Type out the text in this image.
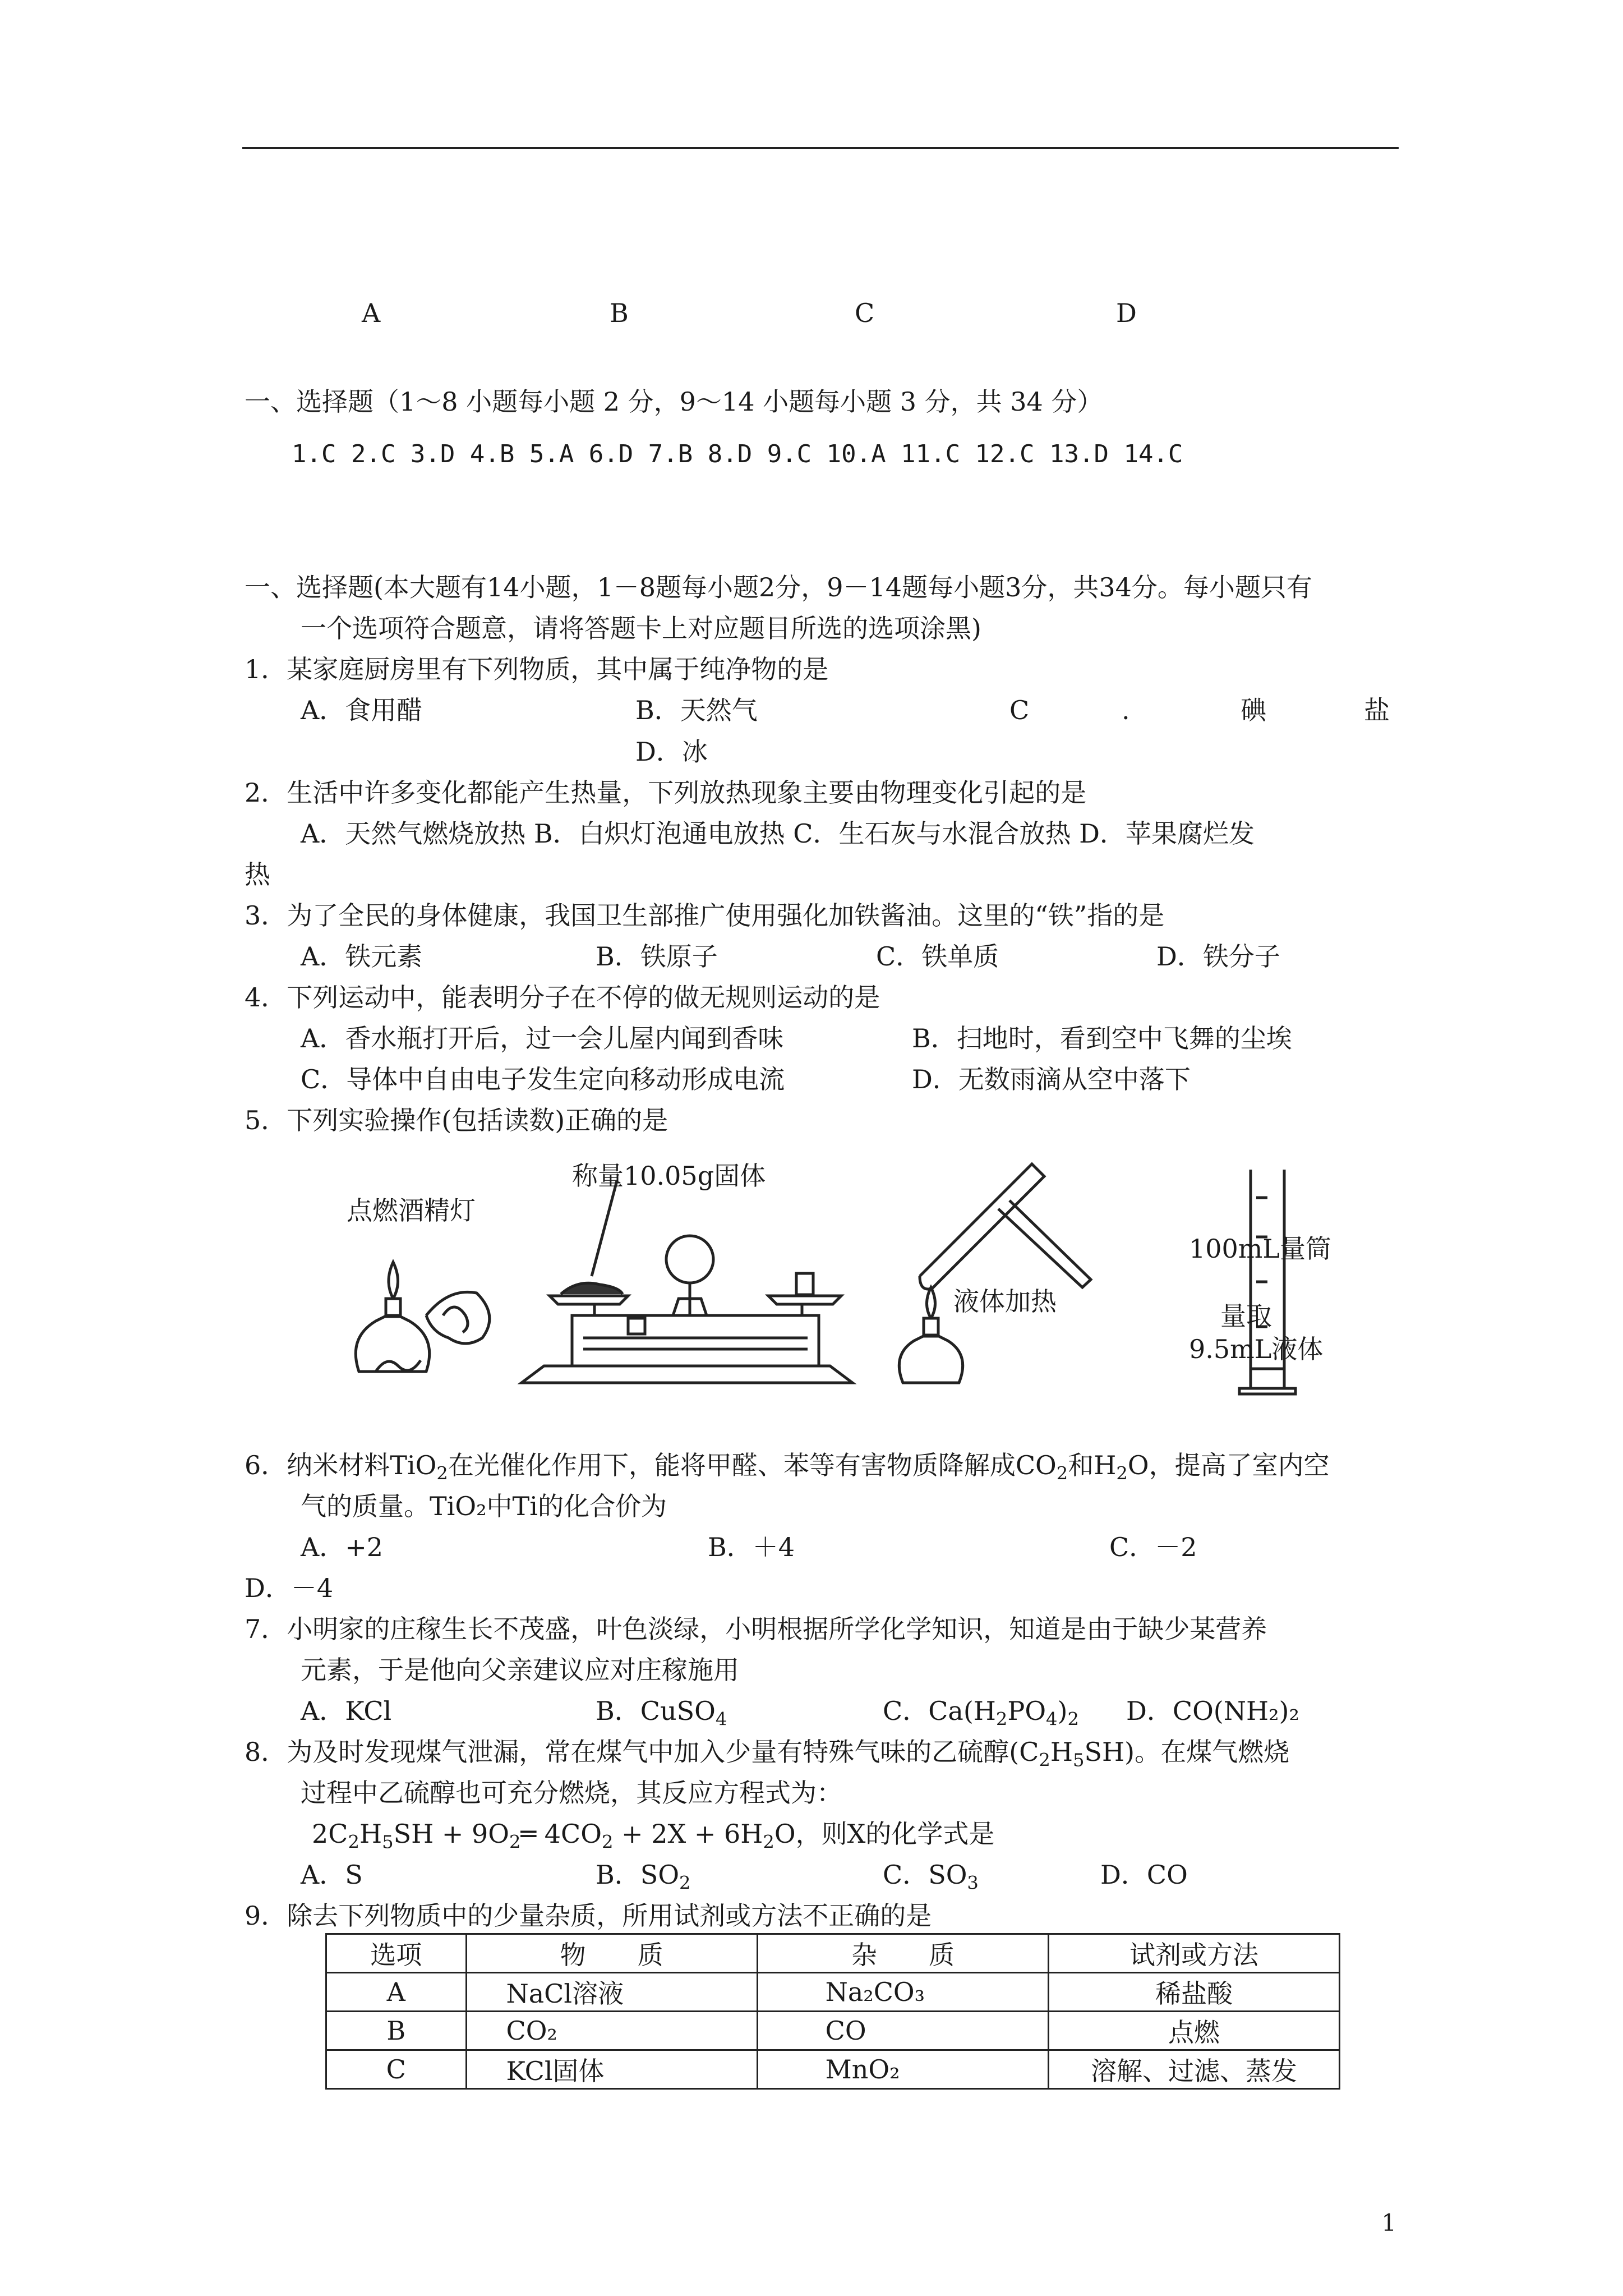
A	B	C	D
一、选择题（1～8 小题每小题 2 分，9～14 小题每小题 3 分，共 34 分）
1.C 2.C 3.D 4.B 5.A 6.D 7.B 8.D 9.C 10.A 11.C 12.C 13.D 14.C
一、选择题(本大题有14小题，1－8题每小题2分，9－14题每小题3分，共34分。每小题只有
一个选项符合题意，请将答题卡上对应题目所选的选项涂黑)
1．某家庭厨房里有下列物质，其中属于纯净物的是
A．食用醋	B．天然气	C	.	碘	盐
D．冰
2．生活中许多变化都能产生热量，下列放热现象主要由物理变化引起的是
A．天然气燃烧放热 B．白炽灯泡通电放热 C．生石灰与水混合放热 D．苹果腐烂发
热
3．为了全民的身体健康，我国卫生部推广使用强化加铁酱油。这里的“铁”指的是
A．铁元素	B．铁原子	C．铁单质	D．铁分子
4．下列运动中，能表明分子在不停的做无规则运动的是
A．香水瓶打开后，过一会儿屋内闻到香味	B．扫地时，看到空中飞舞的尘埃
C．导体中自由电子发生定向移动形成电流	D．无数雨滴从空中落下
5．下列实验操作(包括读数)正确的是
点燃酒精灯
称量10.05g固体
液体加热
100mL量筒
量取
9.5mL液体
6．纳米材料TiO$_2$在光催化作用下，能将甲醛、苯等有害物质降解成$CO_2$和$H_2O$，提高了室内空
气的质量。TiO₂中Ti的化合价为
A．+2	B．＋4	C．－2
D．－4
7．小明家的庄稼生长不茂盛，叶色淡绿，小明根据所学化学知识，知道是由于缺少某营养
元素，于是他向父亲建议应对庄稼施用
A．KCl	B．CuSO$_4$	C．$Ca(H_2PO_4)_2$ D．CO(NH₂)₂
8．为及时发现煤气泄漏，常在煤气中加入少量有特殊气味的乙硫醇$(C_2H_5SH)$。在煤气燃烧
过程中乙硫醇也可充分燃烧，其反应方程式为：
$2C_2H_5SH$ + $9O_2═$ $4CO_2 + 2X + 6H_2O$，则X的化学式是
A．S	B．$SO_2$	C．$SO_3$	D．CO
9．除去下列物质中的少量杂质，所用试剂或方法不正确的是
选项	物　　质	杂　　质	试剂或方法
A	NaCl溶液	Na₂CO₃	稀盐酸
B	CO₂	CO	点燃
C	KCl固体	MnO₂	溶解、过滤、蒸发
1
